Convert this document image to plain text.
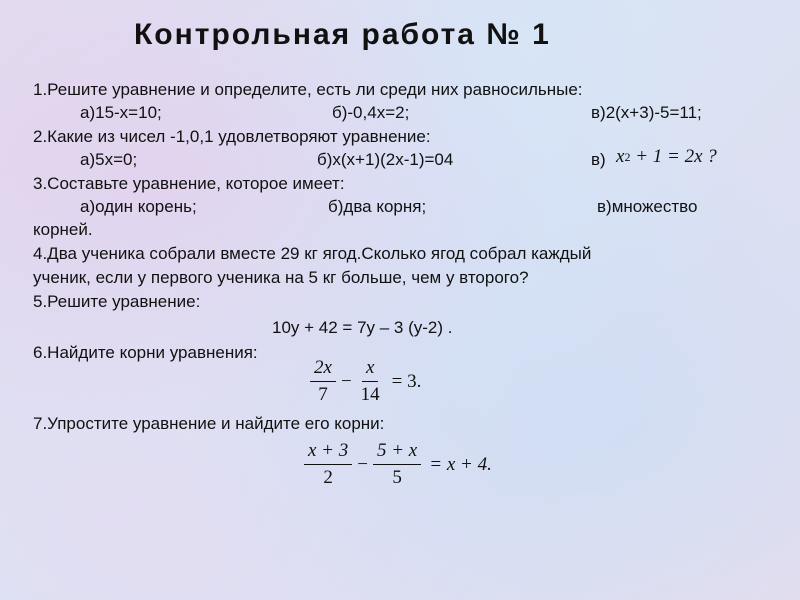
Контрольная работа № 1
1.Решите уравнение и определите, есть ли среди них равносильные:
а)15-х=10;	б)-0,4х=2;	в)2(х+3)-5=11;
2.Какие из чисел -1,0,1 удовлетворяют уравнение:
а)5х=0;	б)х(х+1)(2х-1)=04	в) x 2 + 1 = 2x ?
3.Составьте уравнение, которое имеет:
а)один корень;	б)два корня;	в)множество
корней.
4.Два ученика собрали вместе 29 кг ягод.Сколько ягод собрал каждый
ученик, если у первого ученика на 5 кг больше, чем у второго?
5.Решите уравнение:
10у + 42 = 7у – 3 (у-2) .
6.Найдите корни уравнения:
$\frac{2x}{7} - \frac{x}{14} = 3$.
7.Упростите уравнение и найдите его корни:
$\frac{x + 3}{2} - \frac{5 + x}{5} = x + 4$.
